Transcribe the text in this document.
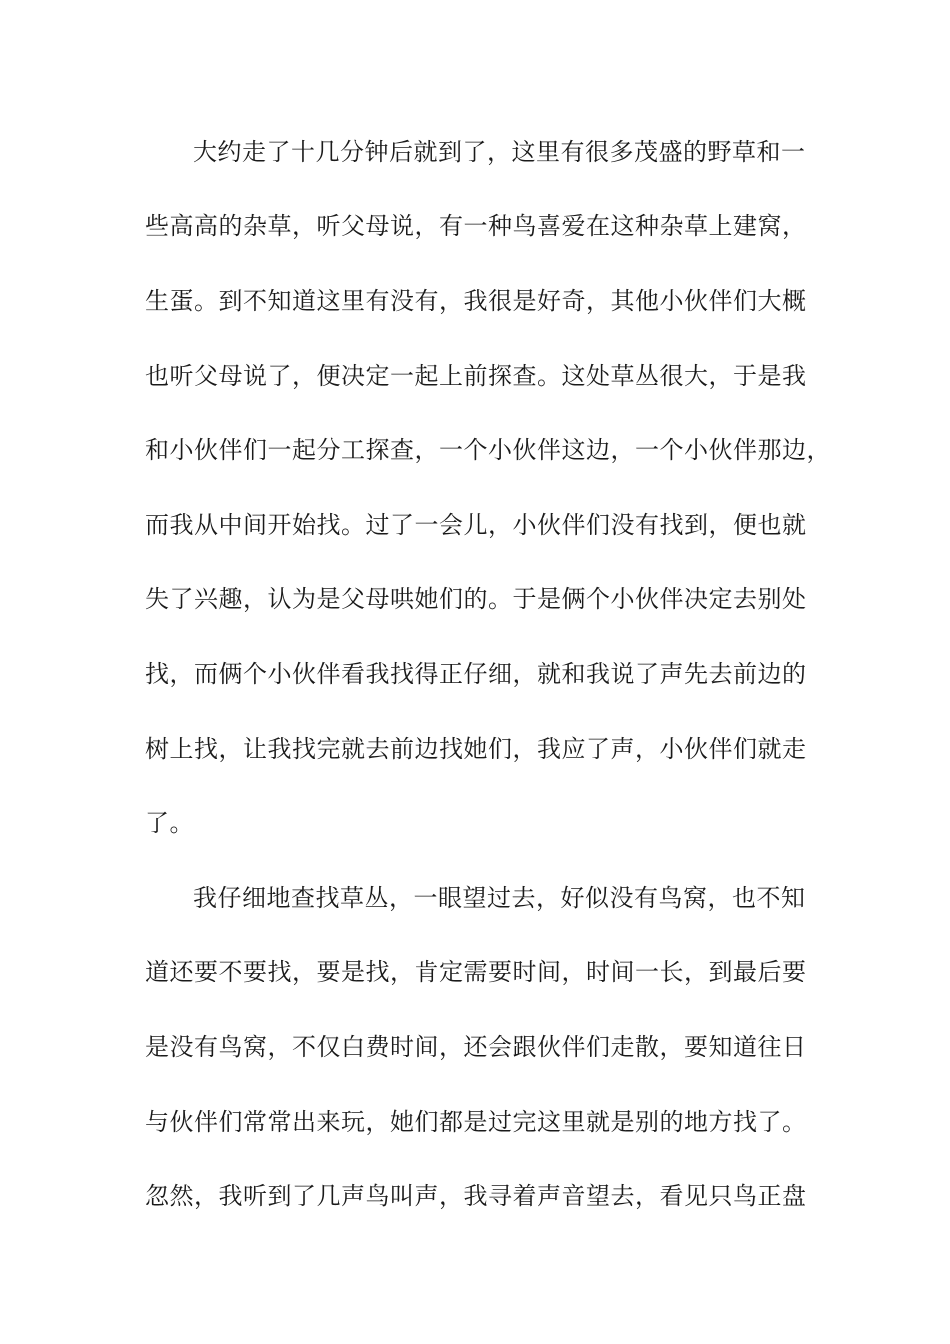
大约走了十几分钟后就到了，这里有很多茂盛的野草和一
些高高的杂草，听父母说，有一种鸟喜爱在这种杂草上建窝，
生蛋。到不知道这里有没有，我很是好奇，其他小伙伴们大概
也听父母说了，便决定一起上前探查。这处草丛很大，于是我
和小伙伴们一起分工探查，一个小伙伴这边，一个小伙伴那边，
而我从中间开始找。过了一会儿，小伙伴们没有找到，便也就
失了兴趣，认为是父母哄她们的。于是俩个小伙伴决定去别处
找，而俩个小伙伴看我找得正仔细，就和我说了声先去前边的
树上找，让我找完就去前边找她们，我应了声，小伙伴们就走
了。
我仔细地查找草丛，一眼望过去，好似没有鸟窝，也不知
道还要不要找，要是找，肯定需要时间，时间一长，到最后要
是没有鸟窝，不仅白费时间，还会跟伙伴们走散，要知道往日
与伙伴们常常出来玩，她们都是过完这里就是别的地方找了。
忽然，我听到了几声鸟叫声，我寻着声音望去，看见只鸟正盘
